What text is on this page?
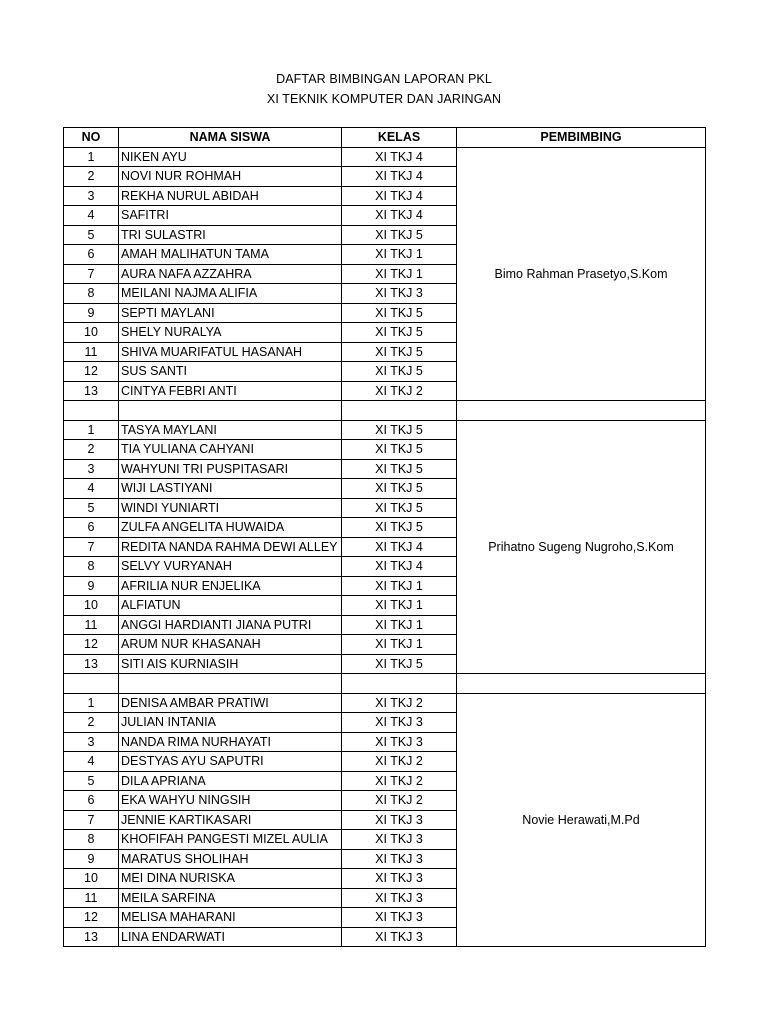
DAFTAR BIMBINGAN LAPORAN PKL
XI TEKNIK KOMPUTER DAN JARINGAN
NO	NAMA SISWA	KELAS	PEMBIMBING
1	NIKEN AYU	XI TKJ 4	Bimo Rahman Prasetyo,S.Kom
2	NOVI NUR ROHMAH	XI TKJ 4	
3	REKHA NURUL ABIDAH	XI TKJ 4	
4	SAFITRI	XI TKJ 4	
5	TRI SULASTRI	XI TKJ 5	
6	AMAH MALIHATUN TAMA	XI TKJ 1	
7	AURA NAFA AZZAHRA	XI TKJ 1	
8	MEILANI NAJMA ALIFIA	XI TKJ 3	
9	SEPTI MAYLANI	XI TKJ 5	
10	SHELY NURALYA	XI TKJ 5	
11	SHIVA MUARIFATUL HASANAH	XI TKJ 5	
12	SUS SANTI	XI TKJ 5	
13	CINTYA FEBRI ANTI	XI TKJ 2	

1	TASYA MAYLANI	XI TKJ 5	Prihatno Sugeng Nugroho,S.Kom
2	TIA YULIANA CAHYANI	XI TKJ 5	
3	WAHYUNI TRI PUSPITASARI	XI TKJ 5	
4	WIJI LASTIYANI	XI TKJ 5	
5	WINDI YUNIARTI	XI TKJ 5	
6	ZULFA ANGELITA HUWAIDA	XI TKJ 5	
7	REDITA NANDA RAHMA DEWI ALLEY	XI TKJ 4	
8	SELVY VURYANAH	XI TKJ 4	
9	AFRILIA NUR ENJELIKA	XI TKJ 1	
10	ALFIATUN	XI TKJ 1	
11	ANGGI HARDIANTI JIANA PUTRI	XI TKJ 1	
12	ARUM NUR KHASANAH	XI TKJ 1	
13	SITI AIS KURNIASIH	XI TKJ 5	

1	DENISA AMBAR PRATIWI	XI TKJ 2	Novie Herawati,M.Pd
2	JULIAN INTANIA	XI TKJ 3	
3	NANDA RIMA NURHAYATI	XI TKJ 3	
4	DESTYAS AYU SAPUTRI	XI TKJ 2	
5	DILA APRIANA	XI TKJ 2	
6	EKA WAHYU NINGSIH	XI TKJ 2	
7	JENNIE KARTIKASARI	XI TKJ 3	
8	KHOFIFAH PANGESTI MIZEL AULIA	XI TKJ 3	
9	MARATUS SHOLIHAH	XI TKJ 3	
10	MEI DINA NURISKA	XI TKJ 3	
11	MEILA SARFINA	XI TKJ 3	
12	MELISA MAHARANI	XI TKJ 3	
13	LINA ENDARWATI	XI TKJ 3	
